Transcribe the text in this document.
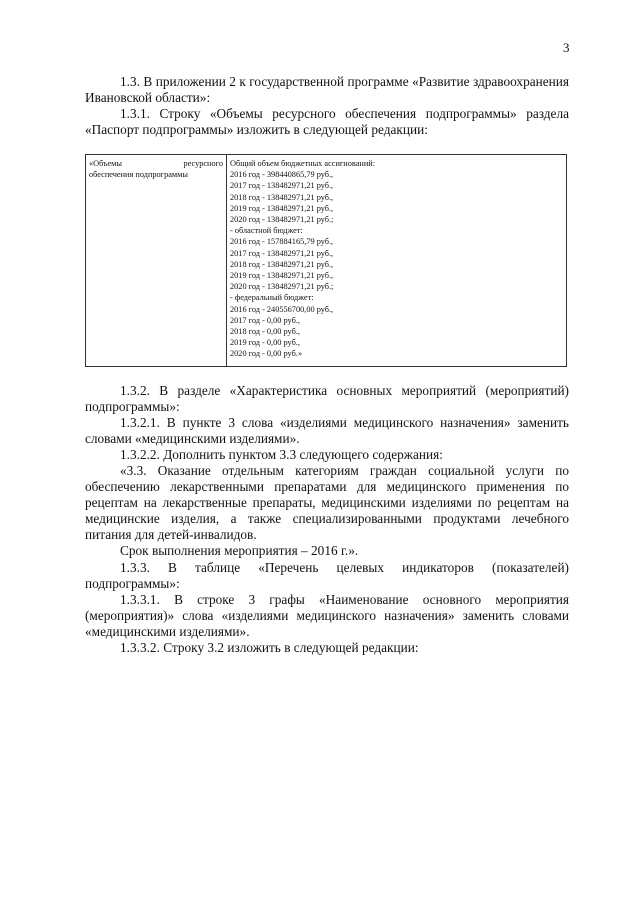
3

1.3. В приложении 2 к государственной программе «Развитие здравоохранения Ивановской области»:

1.3.1. Строку «Объемы ресурсного обеспечения подпрограммы» раздела «Паспорт подпрограммы» изложить в следующей редакции:

«Объемы	ресурсного
обеспечения подпрограммы
Общий объем бюджетных ассигнований:
2016 год - 398440865,79 руб.,
2017 год - 138482971,21 руб.,
2018 год - 138482971,21 руб.,
2019 год - 138482971,21 руб.,
2020 год - 138482971,21 руб.;
- областной бюджет:
2016 год - 157884165,79 руб.,
2017 год - 138482971,21 руб.,
2018 год - 138482971,21 руб.,
2019 год - 138482971,21 руб.,
2020 год - 138482971,21 руб.;
- федеральный бюджет:
2016 год - 240556700,00 руб.,
2017 год - 0,00 руб.,
2018 год - 0,00 руб.,
2019 год - 0,00 руб.,
2020 год - 0,00 руб.»

1.3.2. В разделе «Характеристика основных мероприятий (мероприятий) подпрограммы»:

1.3.2.1. В пункте 3 слова «изделиями медицинского назначения» заменить словами «медицинскими изделиями».

1.3.2.2. Дополнить пунктом 3.3 следующего содержания:

«3.3. Оказание отдельным категориям граждан социальной услуги по обеспечению лекарственными препаратами для медицинского применения по рецептам на лекарственные препараты, медицинскими изделиями по рецептам на медицинские изделия, а также специализированными продуктами лечебного питания для детей-инвалидов.

Срок выполнения мероприятия – 2016 г.».

1.3.3. В таблице «Перечень целевых индикаторов (показателей) подпрограммы»:

1.3.3.1. В строке 3 графы «Наименование основного мероприятия (мероприятия)» слова «изделиями медицинского назначения» заменить словами «медицинскими изделиями».

1.3.3.2. Строку 3.2 изложить в следующей редакции:
